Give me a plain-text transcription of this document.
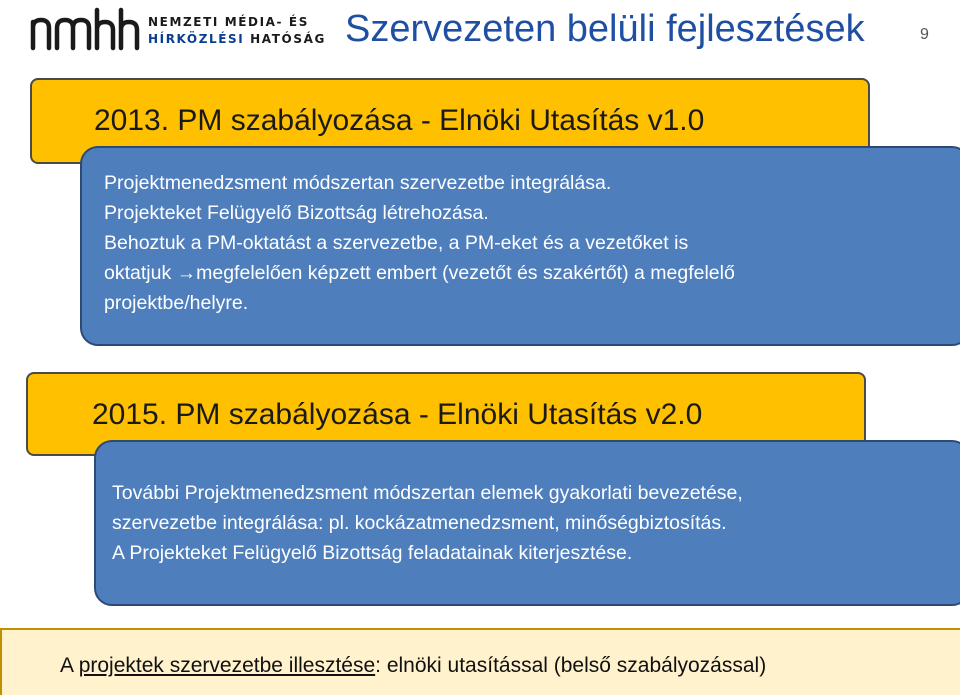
NEMZETI MÉDIA- ÉS
HÍRKÖZLÉSI HATÓSÁG Szervezeten belüli fejlesztések	9
2013. PM szabályozása - Elnöki Utasítás v1.0

Projektmenedzsment módszertan szervezetbe integrálása.

Projekteket Felügyelő Bizottság létrehozása.

Behoztuk a PM-oktatást a szervezetbe, a PM-eket és a vezetőket is

oktatjuk →megfelelően képzett embert (vezetőt és szakértőt) a megfelelő

projektbe/helyre.

2015. PM szabályozása - Elnöki Utasítás v2.0

További Projektmenedzsment módszertan elemek gyakorlati bevezetése,

szervezetbe integrálása: pl. kockázatmenedzsment, minőségbiztosítás.

A Projekteket Felügyelő Bizottság feladatainak kiterjesztése.

A projektek szervezetbe illesztése: elnöki utasítással (belső szabályozással)
